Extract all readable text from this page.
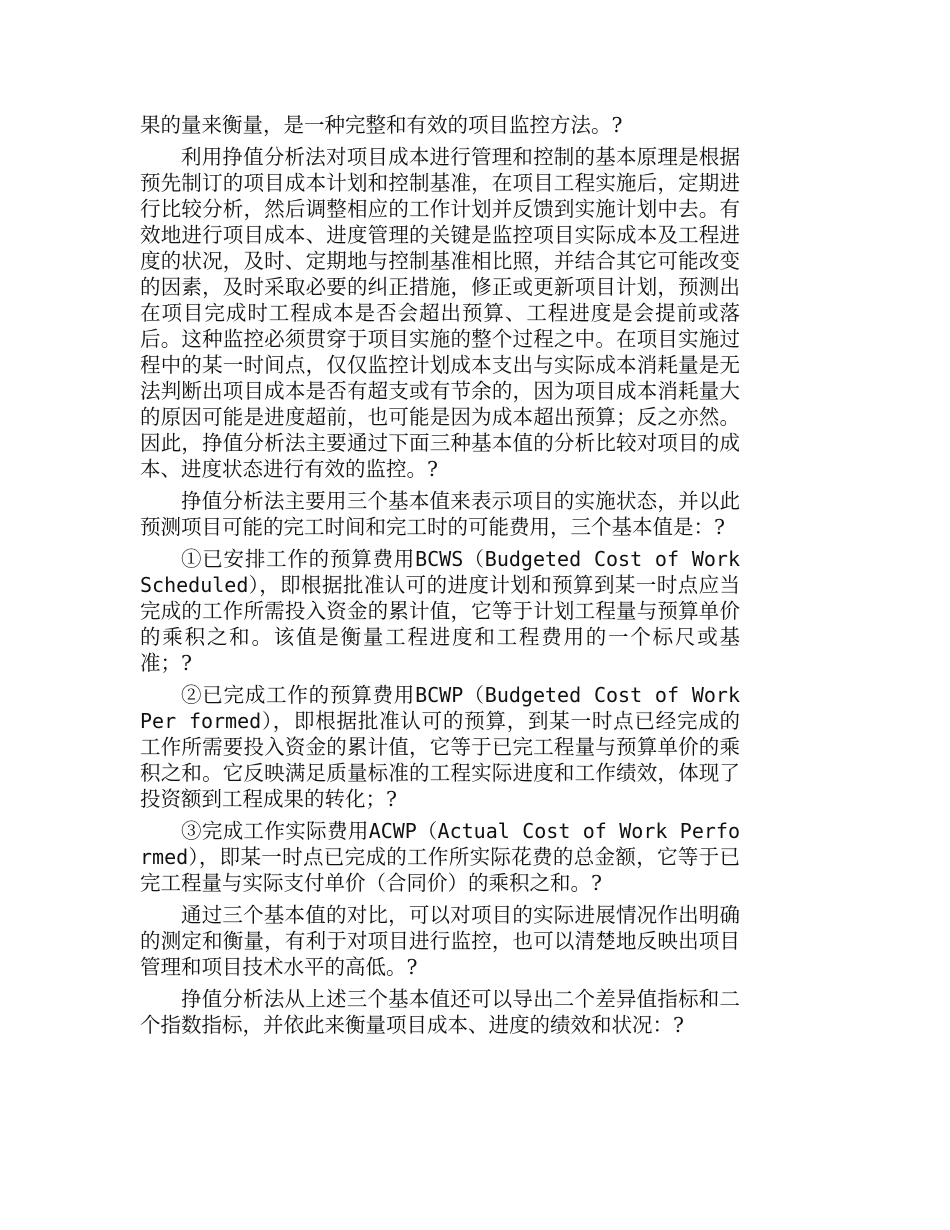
果的量来衡量，是一种完整和有效的项目监控方法。?

利用挣值分析法对项目成本进行管理和控制的基本原理是根据预先制订的项目成本计划和控制基准，在项目工程实施后，定期进行比较分析，然后调整相应的工作计划并反馈到实施计划中去。有效地进行项目成本、进度管理的关键是监控项目实际成本及工程进度的状况，及时、定期地与控制基准相比照，并结合其它可能改变的因素，及时采取必要的纠正措施，修正或更新项目计划，预测出在项目完成时工程成本是否会超出预算、工程进度是会提前或落后。这种监控必须贯穿于项目实施的整个过程之中。在项目实施过程中的某一时间点，仅仅监控计划成本支出与实际成本消耗量是无法判断出项目成本是否有超支或有节余的，因为项目成本消耗量大的原因可能是进度超前，也可能是因为成本超出预算；反之亦然。因此，挣值分析法主要通过下面三种基本值的分析比较对项目的成本、进度状态进行有效的监控。?

挣值分析法主要用三个基本值来表示项目的实施状态，并以此预测项目可能的完工时间和完工时的可能费用，三个基本值是：?

①已安排工作的预算费用BCWS（Budgeted Cost of Work Scheduled），即根据批准认可的进度计划和预算到某一时点应当完成的工作所需投入资金的累计值，它等于计划工程量与预算单价的乘积之和。该值是衡量工程进度和工程费用的一个标尺或基准；?

②已完成工作的预算费用BCWP（Budgeted Cost of Work Per formed），即根据批准认可的预算，到某一时点已经完成的工作所需要投入资金的累计值，它等于已完工程量与预算单价的乘积之和。它反映满足质量标准的工程实际进度和工作绩效，体现了投资额到工程成果的转化；?

③完成工作实际费用ACWP（Actual Cost of Work Performed），即某一时点已完成的工作所实际花费的总金额，它等于已完工程量与实际支付单价（合同价）的乘积之和。?

通过三个基本值的对比，可以对项目的实际进展情况作出明确的测定和衡量，有利于对项目进行监控，也可以清楚地反映出项目管理和项目技术水平的高低。?

挣值分析法从上述三个基本值还可以导出二个差异值指标和二个指数指标，并依此来衡量项目成本、进度的绩效和状况：?
